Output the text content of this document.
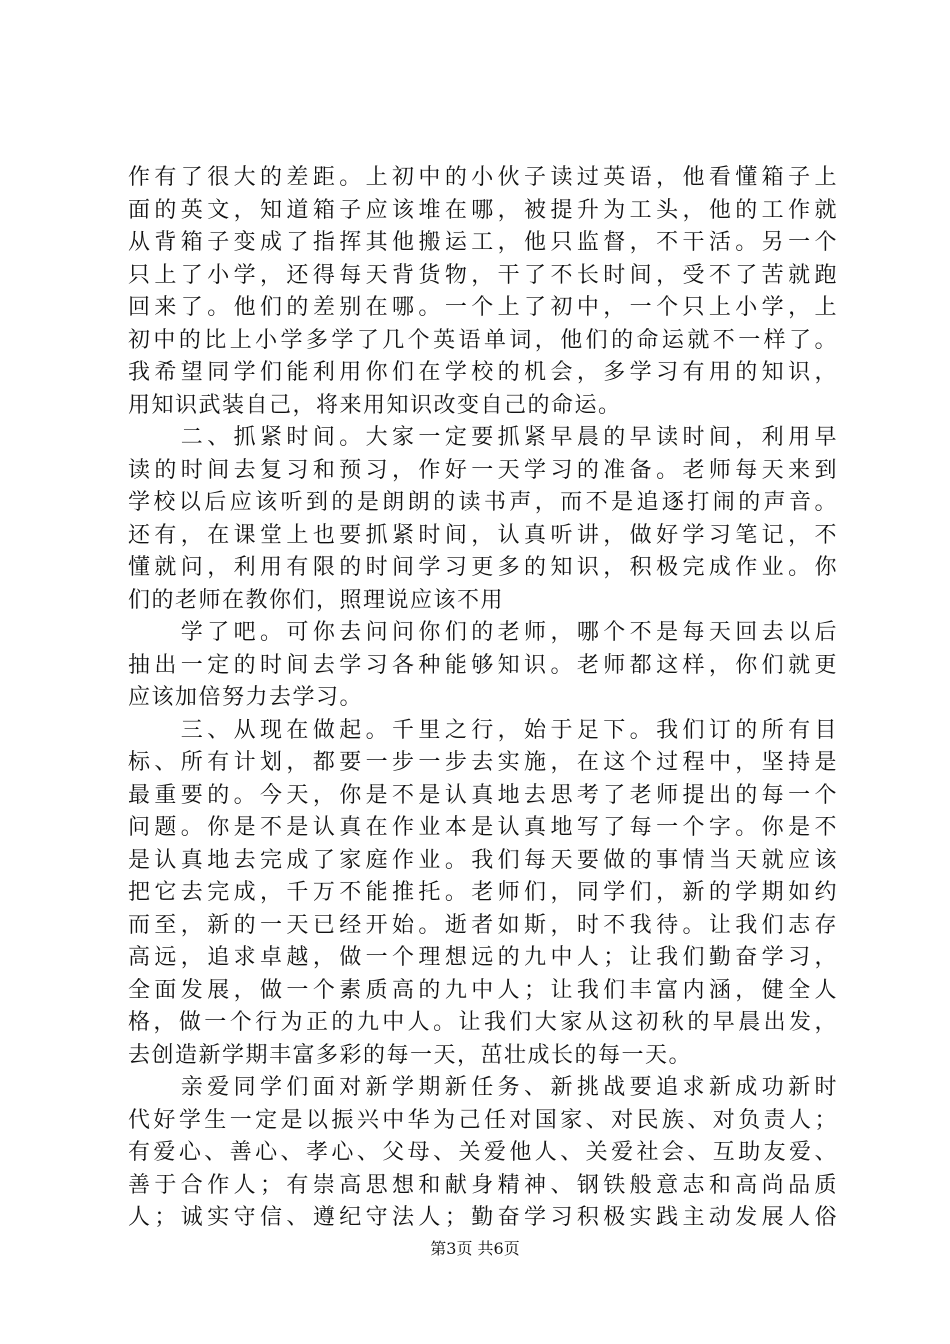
作有了很大的差距。上初中的小伙子读过英语，他看懂箱子上
面的英文，知道箱子应该堆在哪，被提升为工头，他的工作就
从背箱子变成了指挥其他搬运工，他只监督，不干活。另一个
只上了小学，还得每天背货物，干了不长时间，受不了苦就跑
回来了。他们的差别在哪。一个上了初中，一个只上小学，上
初中的比上小学多学了几个英语单词，他们的命运就不一样了。
我希望同学们能利用你们在学校的机会，多学习有用的知识，
用知识武装自己，将来用知识改变自己的命运。
　　二、抓紧时间。大家一定要抓紧早晨的早读时间，利用早
读的时间去复习和预习，作好一天学习的准备。老师每天来到
学校以后应该听到的是朗朗的读书声，而不是追逐打闹的声音。
还有，在课堂上也要抓紧时间，认真听讲，做好学习笔记，不
懂就问，利用有限的时间学习更多的知识，积极完成作业。你
们的老师在教你们，照理说应该不用
　　学了吧。可你去问问你们的老师，哪个不是每天回去以后
抽出一定的时间去学习各种能够知识。老师都这样，你们就更
应该加倍努力去学习。
　　三、从现在做起。千里之行，始于足下。我们订的所有目
标、所有计划，都要一步一步去实施，在这个过程中，坚持是
最重要的。今天，你是不是认真地去思考了老师提出的每一个
问题。你是不是认真在作业本是认真地写了每一个字。你是不
是认真地去完成了家庭作业。我们每天要做的事情当天就应该
把它去完成，千万不能推托。老师们，同学们，新的学期如约
而至，新的一天已经开始。逝者如斯，时不我待。让我们志存
高远，追求卓越，做一个理想远的九中人；让我们勤奋学习，
全面发展，做一个素质高的九中人；让我们丰富内涵，健全人
格，做一个行为正的九中人。让我们大家从这初秋的早晨出发，
去创造新学期丰富多彩的每一天，茁壮成长的每一天。
　　亲爱同学们面对新学期新任务、新挑战要追求新成功新时
代好学生一定是以振兴中华为己任对国家、对民族、对负责人；
有爱心、善心、孝心、父母、关爱他人、关爱社会、互助友爱、
善于合作人；有崇高思想和献身精神、钢铁般意志和高尚品质
人；诚实守信、遵纪守法人；勤奋学习积极实践主动发展人俗
第3页 共6页
